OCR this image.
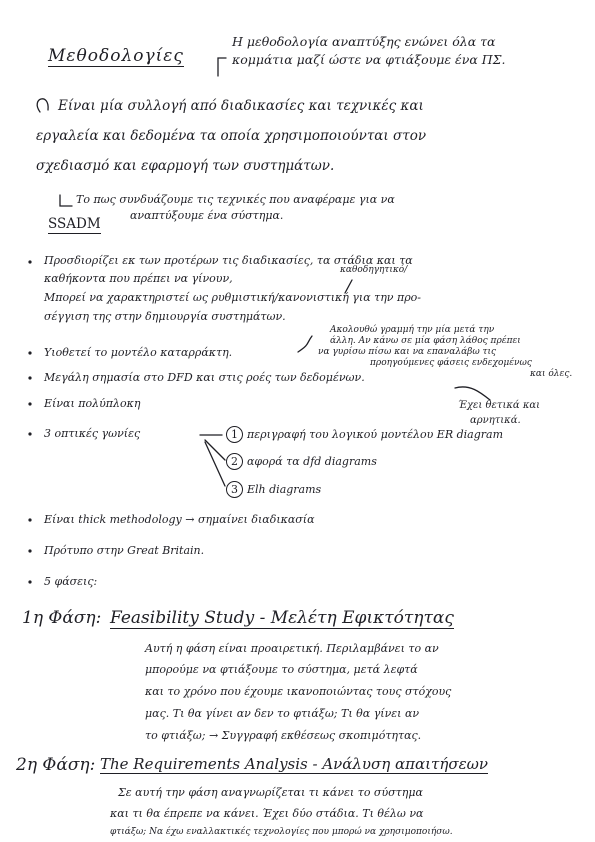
Μεθοδολογίες
Η μεθοδολογία αναπτύξης ενώνει όλα τα
κομμάτια μαζί ώστε να φτιάξουμε ένα ΠΣ.
Είναι μία συλλογή από διαδικασίες και τεχνικές και
εργαλεία και δεδομένα τα οποία χρησιμοποιούνται στον
σχεδιασμό και εφαρμογή των συστημάτων.
Το πως συνδυάζουμε τις τεχνικές που αναφέραμε για να
αναπτύξουμε ένα σύστημα.
SSADM
Προσδιορίζει εκ των προτέρων τις διαδικασίες, τα στάδια και τα
καθήκοντα που πρέπει να γίνουν,
καθοδηγητικό/
Μπορεί να χαρακτηριστεί ως ρυθμιστική/κανονιστική για την προ-
σέγγιση της στην δημιουργία συστημάτων.
Ακολουθώ γραμμή την μία μετά την
άλλη. Αν κάνω σε μία φάση λάθος πρέπει
να γυρίσω πίσω και να επαναλάβω τις
προηγούμενες φάσεις ενδεχομένως
και όλες.
Υιοθετεί το μοντέλο καταρράκτη.
Μεγάλη σημασία στο DFD και στις ροές των δεδομένων.
Είναι πολύπλοκη	Έχει θετικά και
αρνητικά.
3 οπτικές γωνίες	1 περιγραφή του λογικού μοντέλου ER diagram
2 αφορά τα dfd diagrams
3 Elh diagrams
Είναι thick methodology → σημαίνει διαδικασία
Πρότυπο στην Great Britain.
5 φάσεις:
1η Φάση: Feasibility Study - Μελέτη Εφικτότητας
Αυτή η φάση είναι προαιρετική. Περιλαμβάνει το αν
μπορούμε να φτιάξουμε το σύστημα, μετά λεφτά
και το χρόνο που έχουμε ικανοποιώντας τους στόχους
μας. Τι θα γίνει αν δεν το φτιάξω; Τι θα γίνει αν
το φτιάξω; → Συγγραφή εκθέσεως σκοπιμότητας.
2η Φάση: The Requirements Analysis - Ανάλυση απαιτήσεων
Σε αυτή την φάση αναγνωρίζεται τι κάνει το σύστημα
και τι θα έπρεπε να κάνει. Έχει δύο στάδια. Τι θέλω να
φτιάξω; Να έχω εναλλακτικές τεχνολογίες που μπορώ να χρησιμοποιήσω.
